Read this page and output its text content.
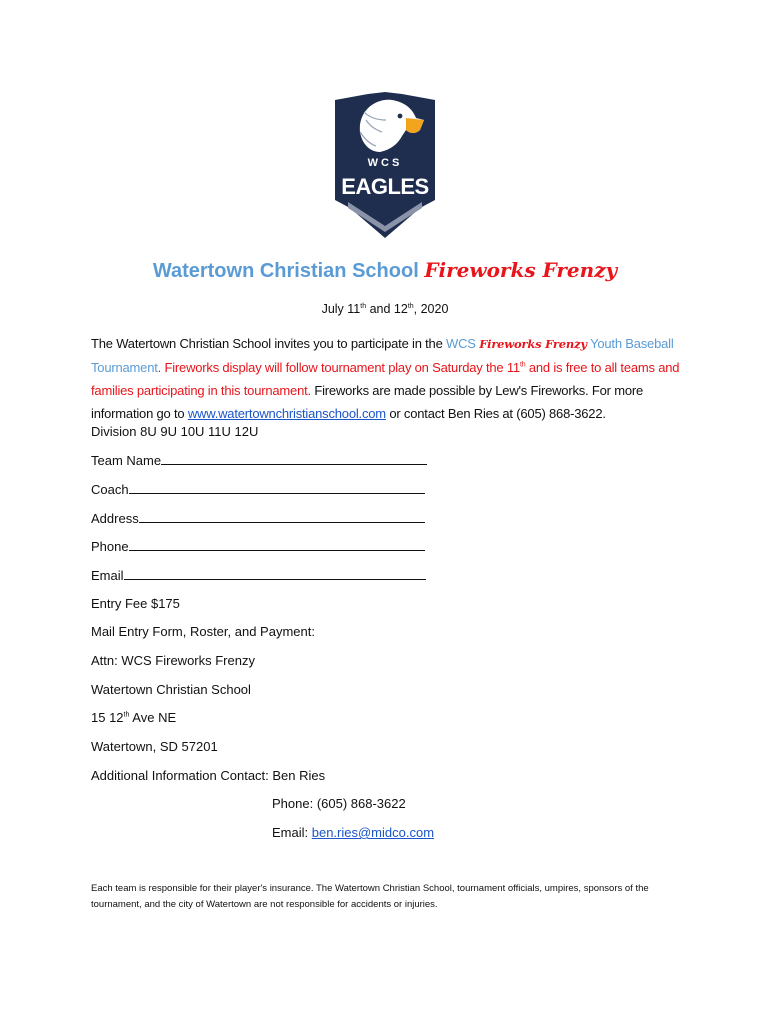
WCS
EAGLES
Watertown Christian School Fireworks Frenzy
July 11th and 12th, 2020
The Watertown Christian School invites you to participate in the WCS Fireworks Frenzy Youth Baseball Tournament. Fireworks display will follow tournament play on Saturday the 11th and is free to all teams and families participating in this tournament. Fireworks are made possible by Lew's Fireworks. For more information go to www.watertownchristianschool.com or contact Ben Ries at (605) 868-3622.
Division 8U 9U 10U 11U 12U
Team Name
Coach
Address
Phone
Email
Entry Fee $175
Mail Entry Form, Roster, and Payment:
Attn: WCS Fireworks Frenzy
Watertown Christian School
15 12th Ave NE
Watertown, SD 57201
Additional Information Contact: Ben Ries
Phone: (605) 868-3622
Email: ben.ries@midco.com
Each team is responsible for their player's insurance. The Watertown Christian School, tournament officials, umpires, sponsors of the tournament, and the city of Watertown are not responsible for accidents or injuries.
